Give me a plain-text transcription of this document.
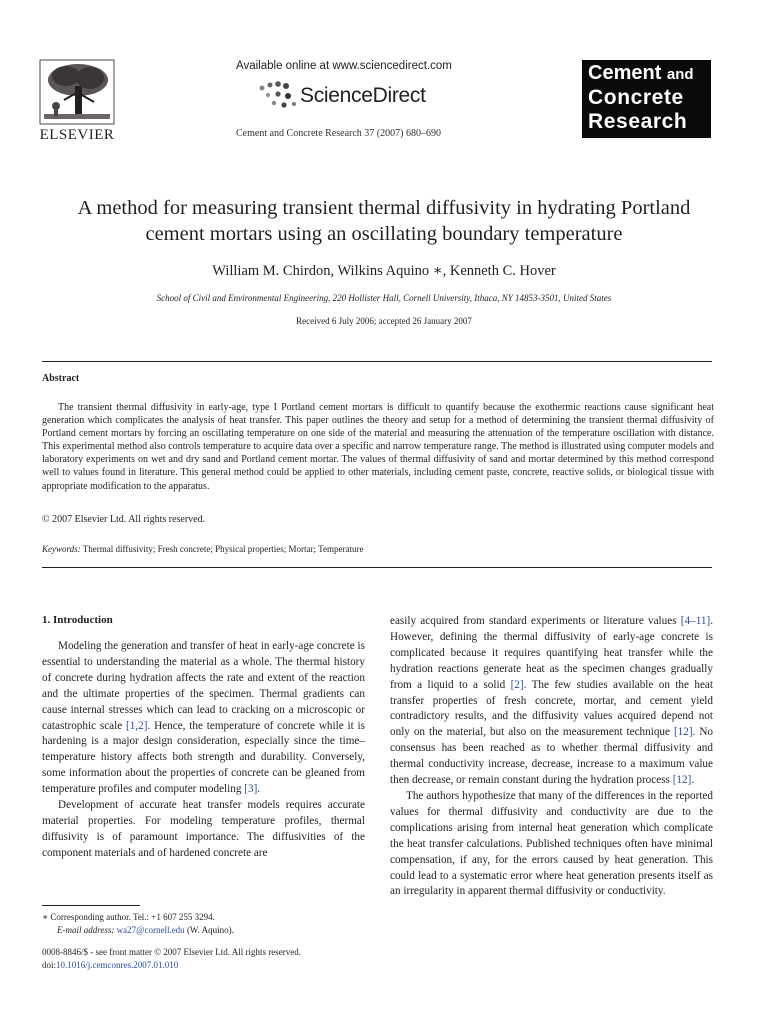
ELSEVIER
Available online at www.sciencedirect.com
ScienceDirect
Cement and Concrete Research 37 (2007) 680–690
Cement and
Concrete
Research
A method for measuring transient thermal diffusivity in hydrating Portland
cement mortars using an oscillating boundary temperature
William M. Chirdon, Wilkins Aquino ∗, Kenneth C. Hover
School of Civil and Environmental Engineering, 220 Hollister Hall, Cornell University, Ithaca, NY 14853-3501, United States
Received 6 July 2006; accepted 26 January 2007
Abstract
The transient thermal diffusivity in early-age, type I Portland cement mortars is difficult to quantify because the exothermic reactions cause significant heat generation which complicates the analysis of heat transfer. This paper outlines the theory and setup for a method of determining the transient thermal diffusivity of Portland cement mortars by forcing an oscillating temperature on one side of the material and measuring the attenuation of the temperature oscillation with distance. This experimental method also controls temperature to acquire data over a specific and narrow temperature range. The method is illustrated using computer models and laboratory experiments on wet and dry sand and Portland cement mortar. The values of thermal diffusivity of sand and mortar determined by this method correspond well to values found in literature. This general method could be applied to other materials, including cement paste, concrete, reactive solids, or biological tissue with appropriate modification to the apparatus.
© 2007 Elsevier Ltd. All rights reserved.
Keywords: Thermal diffusivity; Fresh concrete; Physical properties; Mortar; Temperature
1. Introduction

Modeling the generation and transfer of heat in early-age concrete is essential to understanding the material as a whole. The thermal history of concrete during hydration affects the rate and extent of the reaction and the ultimate properties of the specimen. Thermal gradients can cause internal stresses which can lead to cracking on a microscopic or catastrophic scale [1,2]. Hence, the temperature of concrete while it is hardening is a major design consideration, especially since the time–temperature history affects both strength and durability. Conversely, some information about the properties of concrete can be gleaned from temperature profiles and computer modeling [3].

Development of accurate heat transfer models requires accurate material properties. For modeling temperature profiles, thermal diffusivity is of paramount importance. The diffusivities of the component materials and of hardened concrete are

easily acquired from standard experiments or literature values [4–11]. However, defining the thermal diffusivity of early-age concrete is complicated because it requires quantifying heat transfer while the hydration reactions generate heat as the specimen changes gradually from a liquid to a solid [2]. The few studies available on the heat transfer properties of fresh concrete, mortar, and cement yield contradictory results, and the diffusivity values acquired depend not only on the material, but also on the measurement technique [12]. No consensus has been reached as to whether thermal diffusivity and thermal conductivity increase, decrease, increase to a maximum value then decrease, or remain constant during the hydration process [12].

The authors hypothesize that many of the differences in the reported values for thermal diffusivity and conductivity are due to the complications arising from internal heat generation which complicate the heat transfer calculations. Published techniques often have minimal compensation, if any, for the errors caused by heat generation. This could lead to a systematic error where heat generation presents itself as an irregularity in apparent thermal diffusivity or conductivity.

∗ Corresponding author. Tel.: +1 607 255 3294.
E-mail address: wa27@cornell.edu (W. Aquino).
0008-8846/$ - see front matter © 2007 Elsevier Ltd. All rights reserved.
doi:10.1016/j.cemconres.2007.01.010
